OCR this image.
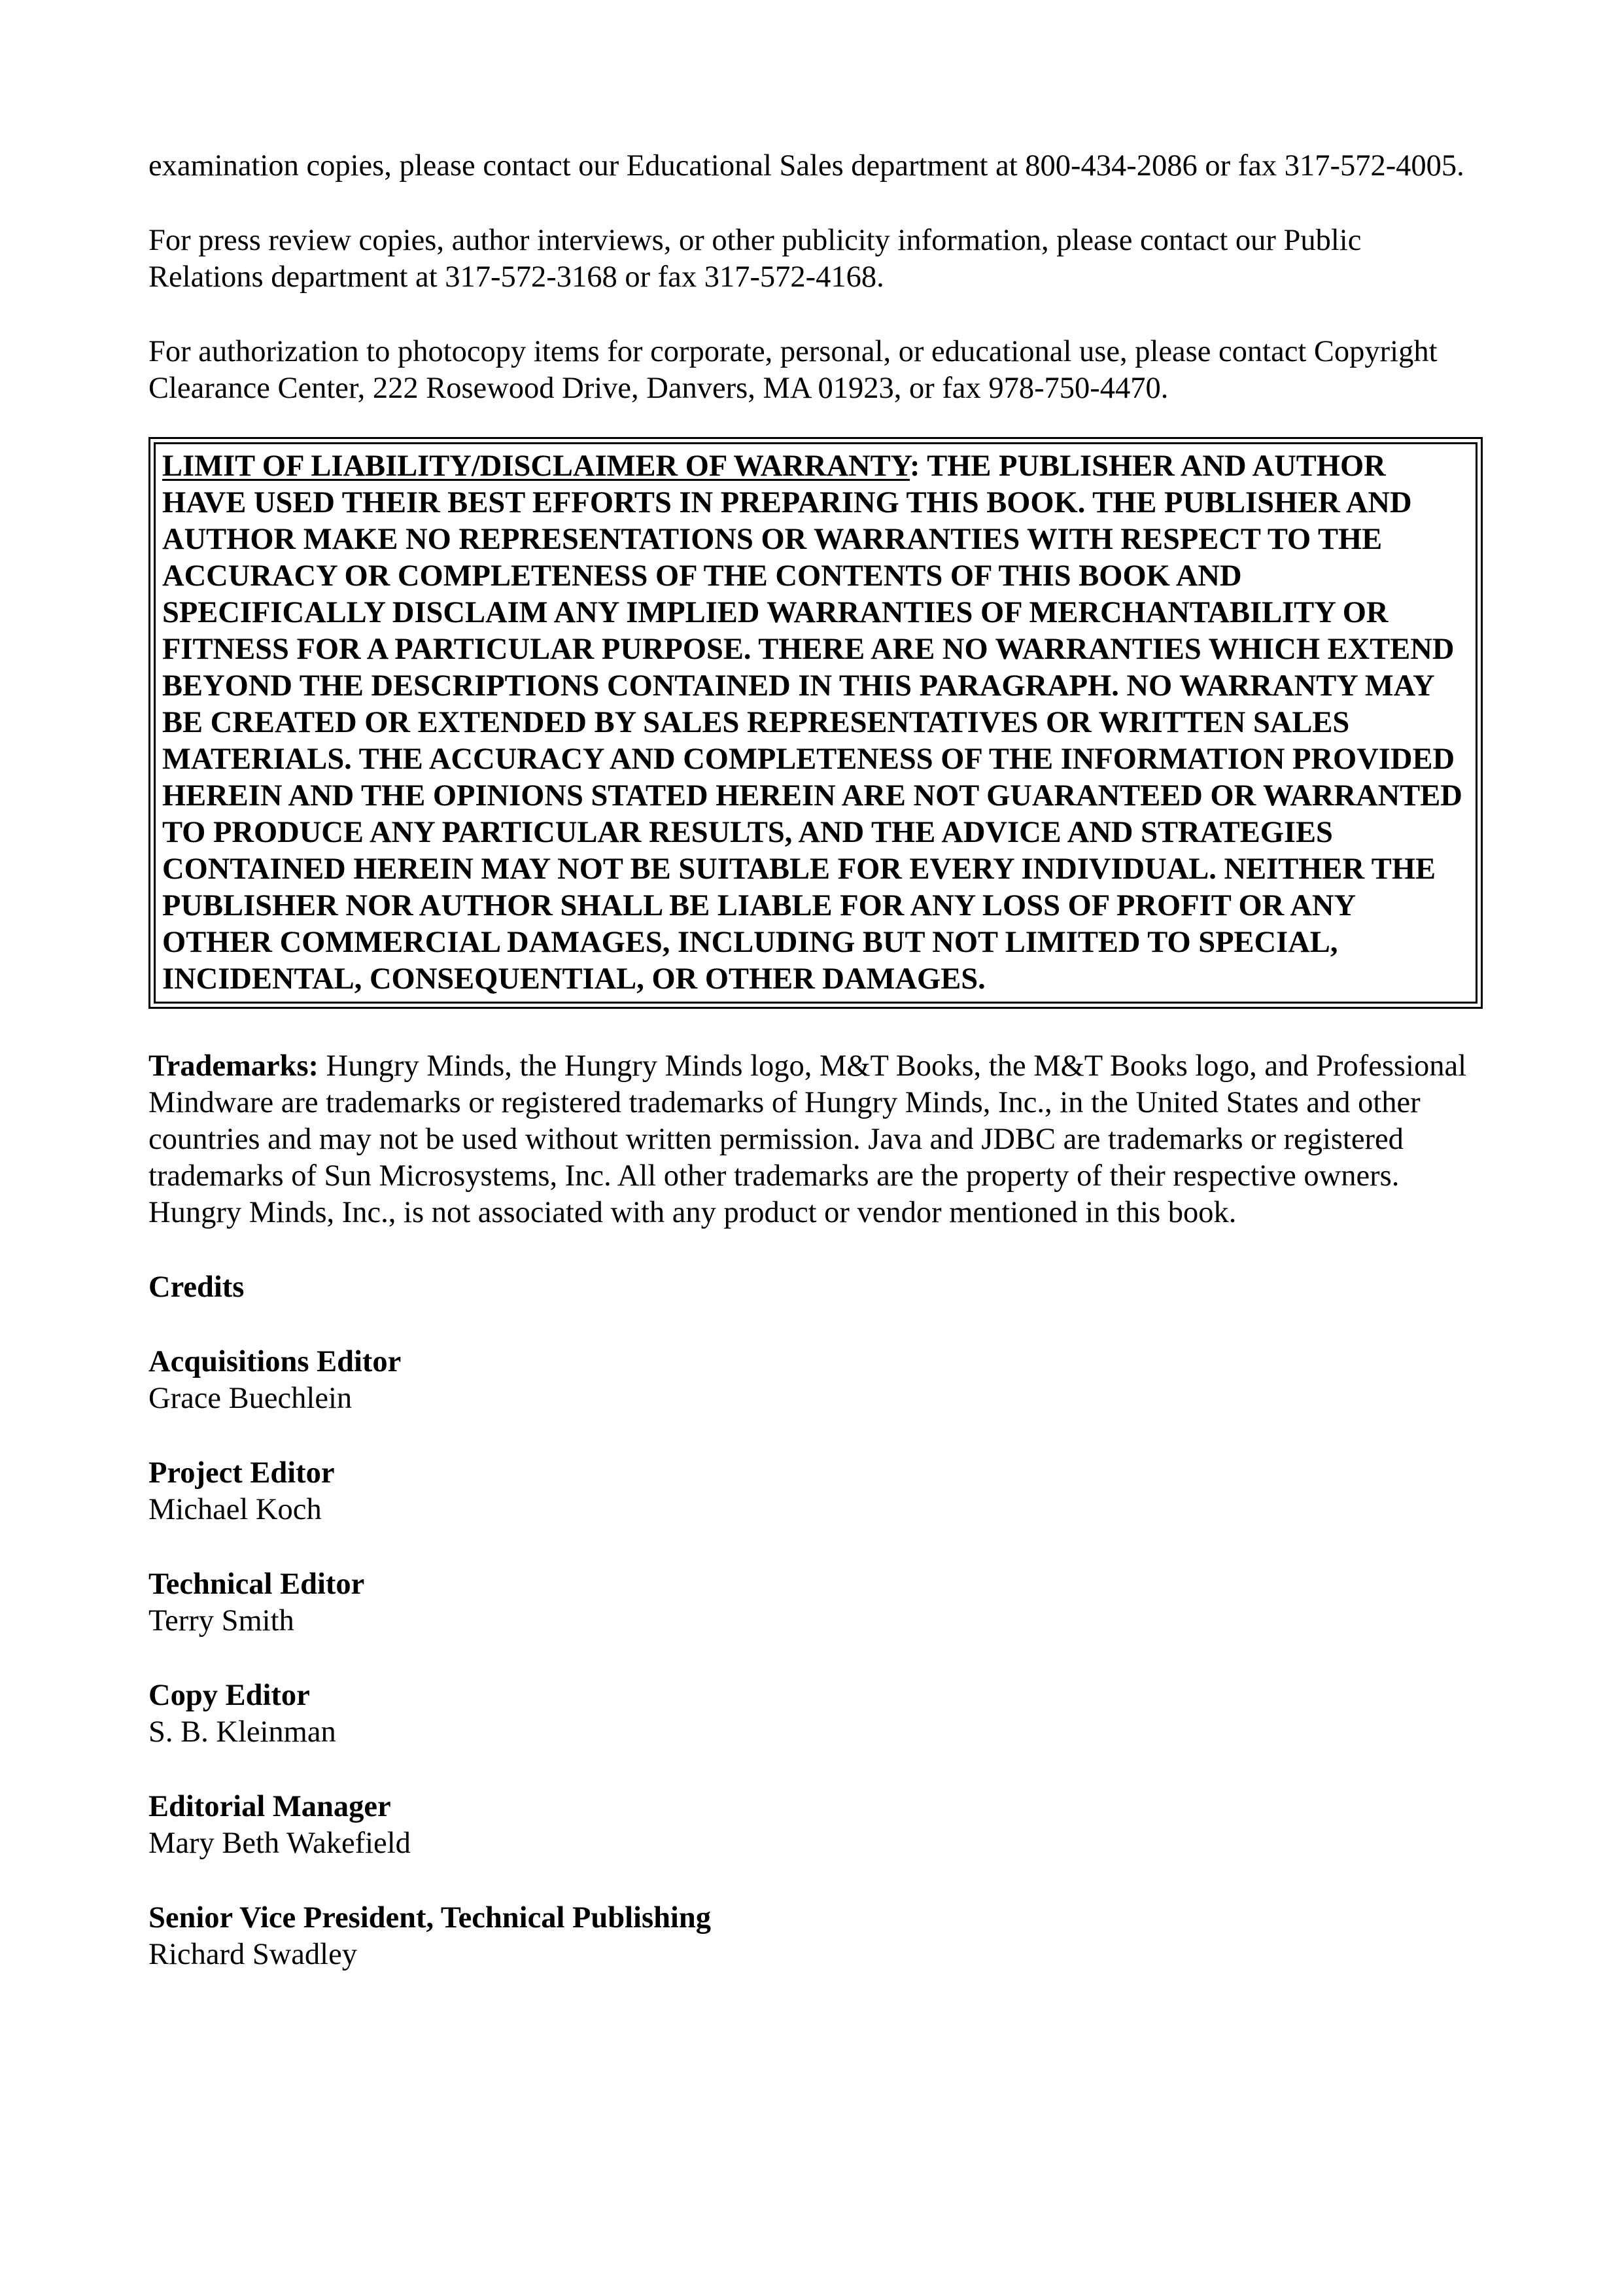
examination copies, please contact our Educational Sales department at 800-434-2086 or fax 317-572-4005.

For press review copies, author interviews, or other publicity information, please contact our Public Relations department at 317-572-3168 or fax 317-572-4168.

For authorization to photocopy items for corporate, personal, or educational use, please contact Copyright Clearance Center, 222 Rosewood Drive, Danvers, MA 01923, or fax 978-750-4470.

LIMIT OF LIABILITY/DISCLAIMER OF WARRANTY: THE PUBLISHER AND AUTHOR HAVE USED THEIR BEST EFFORTS IN PREPARING THIS BOOK. THE PUBLISHER AND AUTHOR MAKE NO REPRESENTATIONS OR WARRANTIES WITH RESPECT TO THE ACCURACY OR COMPLETENESS OF THE CONTENTS OF THIS BOOK AND SPECIFICALLY DISCLAIM ANY IMPLIED WARRANTIES OF MERCHANTABILITY OR FITNESS FOR A PARTICULAR PURPOSE. THERE ARE NO WARRANTIES WHICH EXTEND BEYOND THE DESCRIPTIONS CONTAINED IN THIS PARAGRAPH. NO WARRANTY MAY BE CREATED OR EXTENDED BY SALES REPRESENTATIVES OR WRITTEN SALES MATERIALS. THE ACCURACY AND COMPLETENESS OF THE INFORMATION PROVIDED HEREIN AND THE OPINIONS STATED HEREIN ARE NOT GUARANTEED OR WARRANTED TO PRODUCE ANY PARTICULAR RESULTS, AND THE ADVICE AND STRATEGIES CONTAINED HEREIN MAY NOT BE SUITABLE FOR EVERY INDIVIDUAL. NEITHER THE PUBLISHER NOR AUTHOR SHALL BE LIABLE FOR ANY LOSS OF PROFIT OR ANY OTHER COMMERCIAL DAMAGES, INCLUDING BUT NOT LIMITED TO SPECIAL, INCIDENTAL, CONSEQUENTIAL, OR OTHER DAMAGES.

Trademarks: Hungry Minds, the Hungry Minds logo, M&T Books, the M&T Books logo, and Professional Mindware are trademarks or registered trademarks of Hungry Minds, Inc., in the United States and other countries and may not be used without written permission. Java and JDBC are trademarks or registered trademarks of Sun Microsystems, Inc. All other trademarks are the property of their respective owners. Hungry Minds, Inc., is not associated with any product or vendor mentioned in this book.

Credits

Acquisitions Editor
Grace Buechlein

Project Editor
Michael Koch

Technical Editor
Terry Smith

Copy Editor
S. B. Kleinman

Editorial Manager
Mary Beth Wakefield

Senior Vice President, Technical Publishing
Richard Swadley
